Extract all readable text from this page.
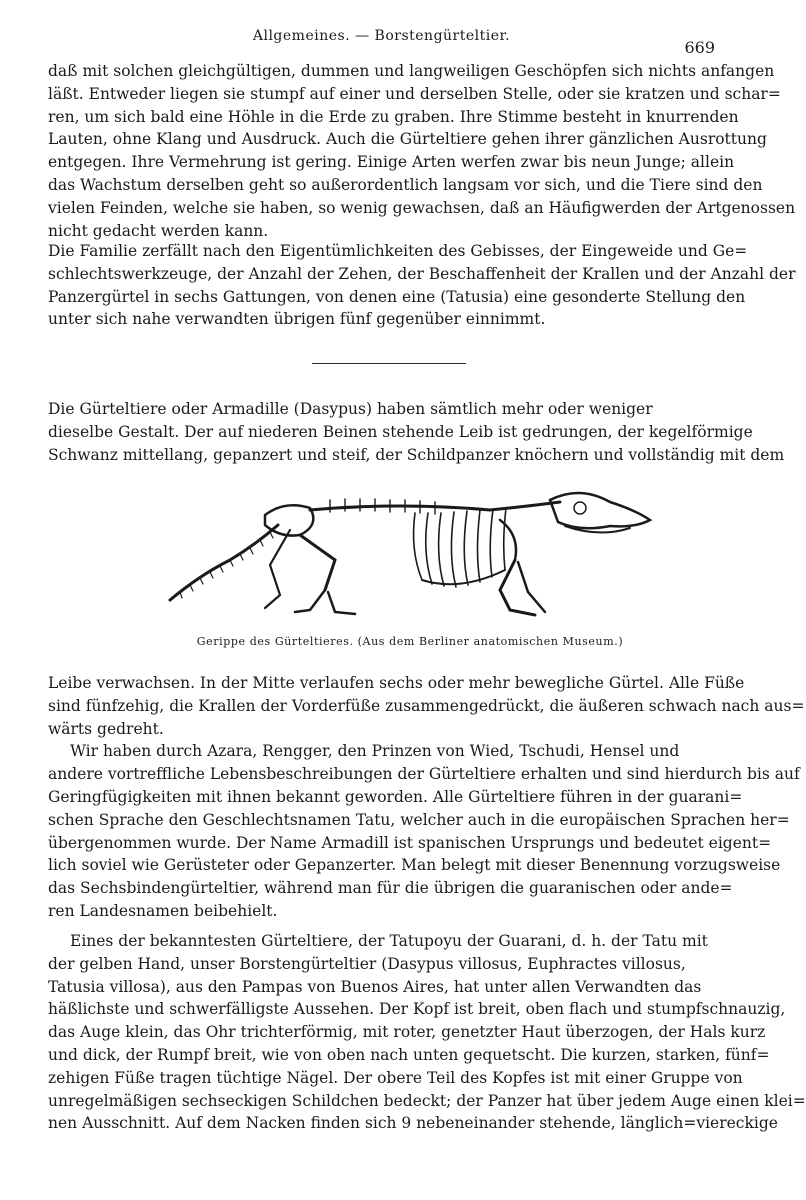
Allgemeines. — Borstengürteltier.
669
daß mit solchen gleichgültigen, dummen und langweiligen Geschöpfen sich nichts anfangen
läßt. Entweder liegen sie stumpf auf einer und derselben Stelle, oder sie kratzen und schar=
ren, um sich bald eine Höhle in die Erde zu graben. Ihre Stimme besteht in knurrenden
Lauten, ohne Klang und Ausdruck. Auch die Gürteltiere gehen ihrer gänzlichen Ausrottung
entgegen. Ihre Vermehrung ist gering. Einige Arten werfen zwar bis neun Junge; allein
das Wachstum derselben geht so außerordentlich langsam vor sich, und die Tiere sind den
vielen Feinden, welche sie haben, so wenig gewachsen, daß an Häufigwerden der Artgenossen
nicht gedacht werden kann.
Die Familie zerfällt nach den Eigentümlichkeiten des Gebisses, der Eingeweide und Ge=
schlechtswerkzeuge, der Anzahl der Zehen, der Beschaffenheit der Krallen und der Anzahl der
Panzergürtel in sechs Gattungen, von denen eine (Tatusia) eine gesonderte Stellung den
unter sich nahe verwandten übrigen fünf gegenüber einnimmt.
Die Gürteltiere oder Armadille (Dasypus) haben sämtlich mehr oder weniger
dieselbe Gestalt. Der auf niederen Beinen stehende Leib ist gedrungen, der kegelförmige
Schwanz mittellang, gepanzert und steif, der Schildpanzer knöchern und vollständig mit dem
Gerippe des Gürteltieres. (Aus dem Berliner anatomischen Museum.)
Leibe verwachsen. In der Mitte verlaufen sechs oder mehr bewegliche Gürtel. Alle Füße
sind fünfzehig, die Krallen der Vorderfüße zusammengedrückt, die äußeren schwach nach aus=
wärts gedreht.
Wir haben durch Azara, Rengger, den Prinzen von Wied, Tschudi, Hensel und
andere vortreffliche Lebensbeschreibungen der Gürteltiere erhalten und sind hierdurch bis auf
Geringfügigkeiten mit ihnen bekannt geworden. Alle Gürteltiere führen in der guarani=
schen Sprache den Geschlechtsnamen Tatu, welcher auch in die europäischen Sprachen her=
übergenommen wurde. Der Name Armadill ist spanischen Ursprungs und bedeutet eigent=
lich soviel wie Gerüsteter oder Gepanzerter. Man belegt mit dieser Benennung vorzugsweise
das Sechsbindengürteltier, während man für die übrigen die guaranischen oder ande=
ren Landesnamen beibehielt.
Eines der bekanntesten Gürteltiere, der Tatupoyu der Guarani, d. h. der Tatu mit
der gelben Hand, unser Borstengürteltier (Dasypus villosus, Euphractes villosus,
Tatusia villosa), aus den Pampas von Buenos Aires, hat unter allen Verwandten das
häßlichste und schwerfälligste Aussehen. Der Kopf ist breit, oben flach und stumpfschnauzig,
das Auge klein, das Ohr trichterförmig, mit roter, genetzter Haut überzogen, der Hals kurz
und dick, der Rumpf breit, wie von oben nach unten gequetscht. Die kurzen, starken, fünf=
zehigen Füße tragen tüchtige Nägel. Der obere Teil des Kopfes ist mit einer Gruppe von
unregelmäßigen sechseckigen Schildchen bedeckt; der Panzer hat über jedem Auge einen klei=
nen Ausschnitt. Auf dem Nacken finden sich 9 nebeneinander stehende, länglich=viereckige
